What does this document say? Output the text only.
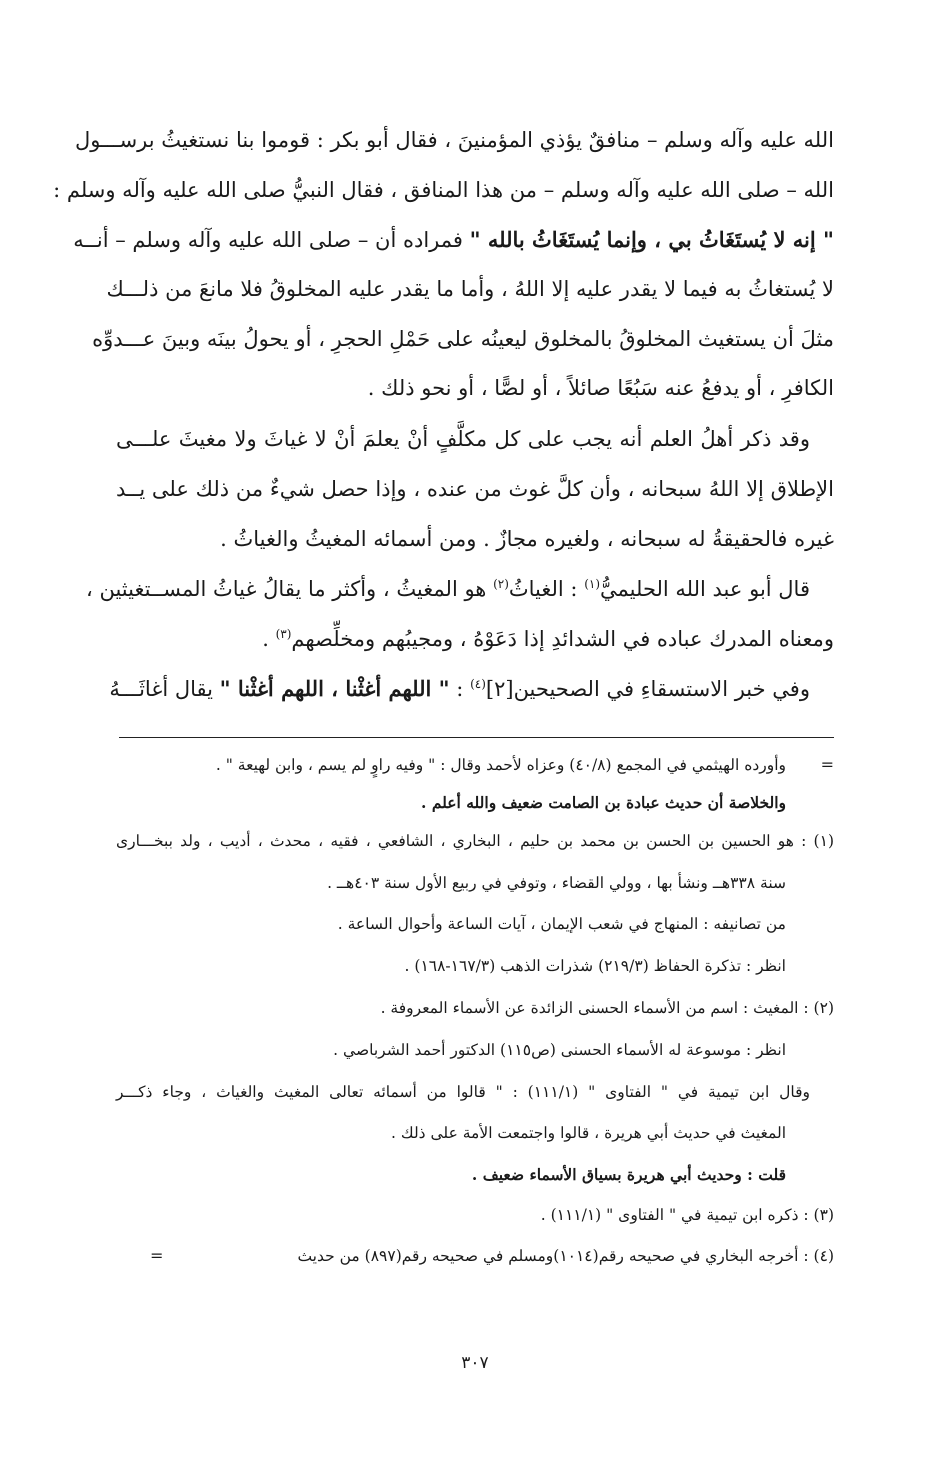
الله عليه وآله وسلم – منافقٌ يؤذي المؤمنينَ ، فقال أبو بكر : قوموا بنا نستغيثُ برســـول
الله – صلى الله عليه وآله وسلم – من هذا المنافق ، فقال النبيُّ صلى الله عليه وآله وسلم :
" إنه لا يُستَغَاثُ بي ، وإنما يُستَغَاثُ بالله " فمراده أن – صلى الله عليه وآله وسلم – أنــه
لا يُستغاثُ به فيما لا يقدر عليه إلا اللهُ ، وأما ما يقدر عليه المخلوقُ فلا مانعَ من ذلـــك
مثلَ أن يستغيث المخلوقُ بالمخلوق ليعينُه على حَمْلِ الحجرِ ، أو يحولُ بينَه وبينَ عـــدوِّه
الكافرِ ، أو يدفعُ عنه سَبُعًا صائلاً ، أو لصًّا ، أو نحو ذلك .
وقد ذكر أهلُ العلم أنه يجب على كل مكلَّفٍ أنْ يعلمَ أنْ لا غياثَ ولا مغيثَ علـــى
الإطلاق إلا اللهُ سبحانه ، وأن كلَّ غوث من عنده ، وإذا حصل شيءٌ من ذلك على يــد
غيره فالحقيقةُ له سبحانه ، ولغيره مجازٌ . ومن أسمائه المغيثُ والغياثُ .
قال أبو عبد الله الحليميُّ$^{(١)}$ : الغياثُ$^{(٢)}$ هو المغيثُ ، وأكثر ما يقالُ غياثُ المســتغيثين ،
ومعناه المدرك عباده في الشدائدِ إذا دَعَوْهُ ، ومجيبُهم ومخلِّصهم$^{(٣)}$ .
وفي خبر الاستسقاءِ في الصحيحين[٢]$^{(٤)}$ : " اللهم أغثْنا ، اللهم أغثْنا " يقال أغاثَـــهُ
=
وأورده الهيثمي في المجمع (٤٠/٨) وعزاه لأحمد وقال : " وفيه راوٍ لم يسم ، وابن لهيعة " .
والخلاصة أن حديث عبادة بن الصامت ضعيف والله أعلم .
(١) : هو الحسين بن الحسن بن محمد بن حليم ، البخاري ، الشافعي ، فقيه ، محدث ، أديب ، ولد ببخـــارى
سنة ٣٣٨هــ ونشأ بها ، وولي القضاء ، وتوفي في ربيع الأول سنة ٤٠٣هــ .
من تصانيفه : المنهاج في شعب الإيمان ، آيات الساعة وأحوال الساعة .
انظر : تذكرة الحفاظ (٢١٩/٣) شذرات الذهب (١٦٧/٣-١٦٨) .
(٢) : المغيث : اسم من الأسماء الحسنى الزائدة عن الأسماء المعروفة .
انظر : موسوعة له الأسماء الحسنى (ص١١٥) الدكتور أحمد الشرباصي .
وقال ابن تيمية في " الفتاوى " (١١١/١) : " قالوا من أسمائه تعالى المغيث والغياث ، وجاء ذكـــر
المغيث في حديث أبي هريرة ، قالوا واجتمعت الأمة على ذلك .
قلت : وحديث أبي هريرة بسياق الأسماء ضعيف .
(٣) : ذكره ابن تيمية في " الفتاوى " (١١١/١) .
(٤) : أخرجه البخاري في صحيحه رقم(١٠١٤)ومسلم في صحيحه رقم(٨٩٧) من حديث
=
٣٠٧
